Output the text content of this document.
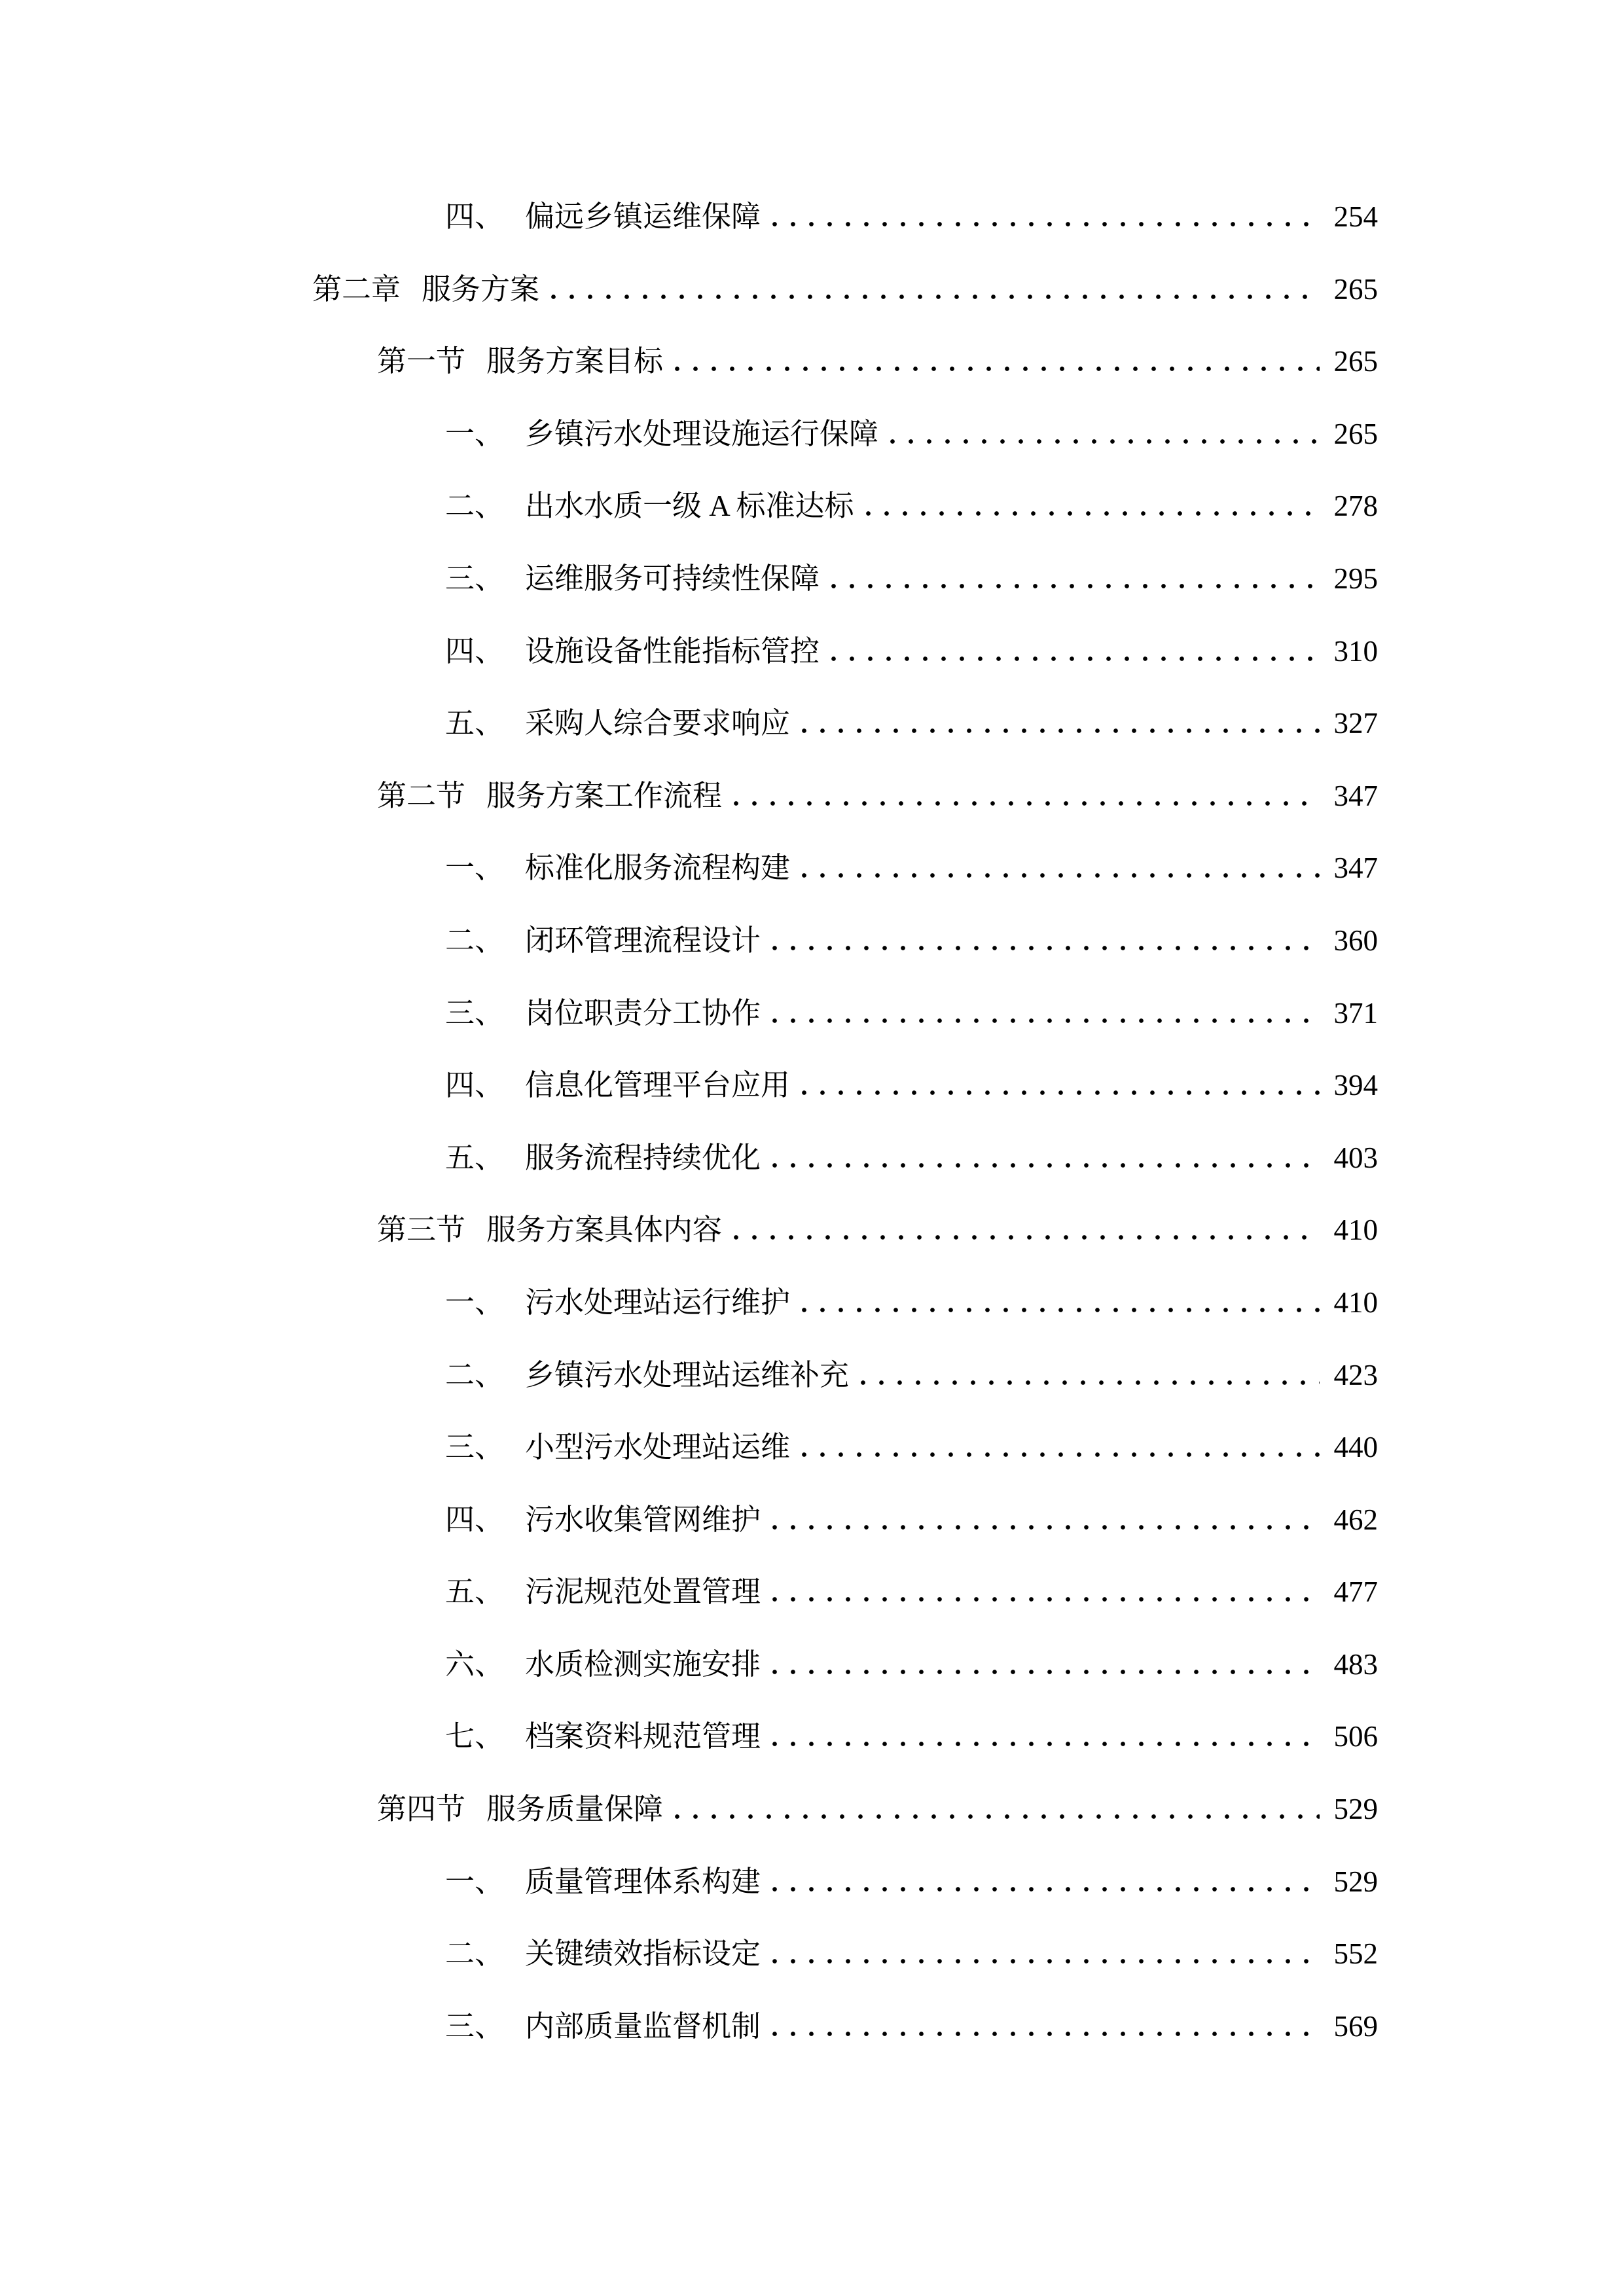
四、 偏远乡镇运维保障	254
第二章 服务方案	265
第一节 服务方案目标	265
一、 乡镇污水处理设施运行保障	265
二、 出水水质一级 A 标准达标	278
三、 运维服务可持续性保障	295
四、 设施设备性能指标管控	310
五、 采购人综合要求响应	327
第二节 服务方案工作流程	347
一、 标准化服务流程构建	347
二、 闭环管理流程设计	360
三、 岗位职责分工协作	371
四、 信息化管理平台应用	394
五、 服务流程持续优化	403
第三节 服务方案具体内容	410
一、 污水处理站运行维护	410
二、 乡镇污水处理站运维补充	423
三、 小型污水处理站运维	440
四、 污水收集管网维护	462
五、 污泥规范处置管理	477
六、 水质检测实施安排	483
七、 档案资料规范管理	506
第四节 服务质量保障	529
一、 质量管理体系构建	529
二、 关键绩效指标设定	552
三、 内部质量监督机制	569
